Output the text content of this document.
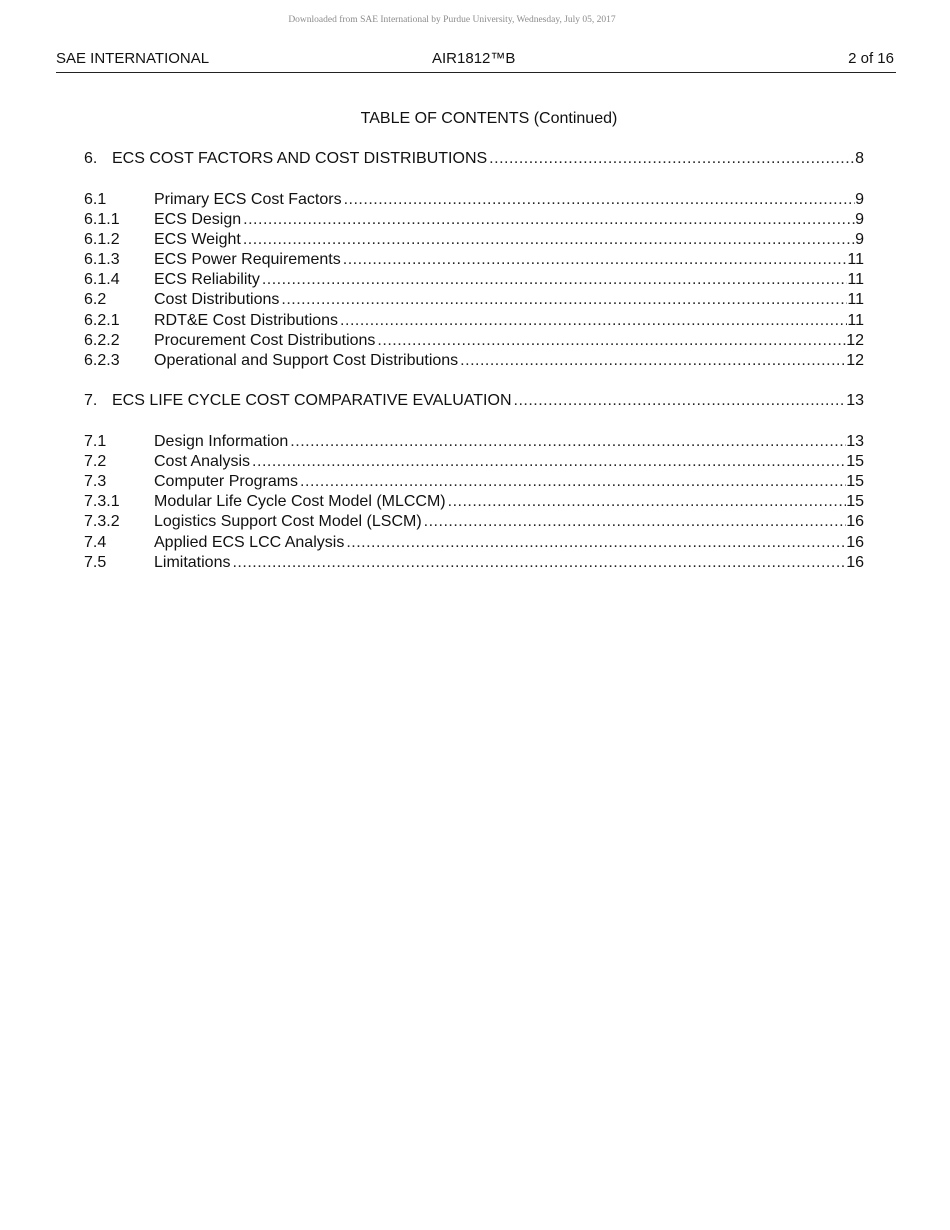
Downloaded from SAE International by Purdue University, Wednesday, July 05, 2017
SAE INTERNATIONAL	AIR1812™B	2 of 16
TABLE OF CONTENTS (Continued)
6. ECS COST FACTORS AND COST DISTRIBUTIONS .....	8
6.1	Primary ECS Cost Factors .....	9
6.1.1	ECS Design .....	9
6.1.2	ECS Weight .....	9
6.1.3	ECS Power Requirements .....	11
6.1.4	ECS Reliability .....	11
6.2	Cost Distributions .....	11
6.2.1	RDT&E Cost Distributions .....	11
6.2.2	Procurement Cost Distributions .....	12
6.2.3	Operational and Support Cost Distributions .....	12
7. ECS LIFE CYCLE COST COMPARATIVE EVALUATION .....	13
7.1	Design Information .....	13
7.2	Cost Analysis .....	15
7.3	Computer Programs .....	15
7.3.1	Modular Life Cycle Cost Model (MLCCM) .....	15
7.3.2	Logistics Support Cost Model (LSCM) .....	16
7.4	Applied ECS LCC Analysis .....	16
7.5	Limitations .....	16
